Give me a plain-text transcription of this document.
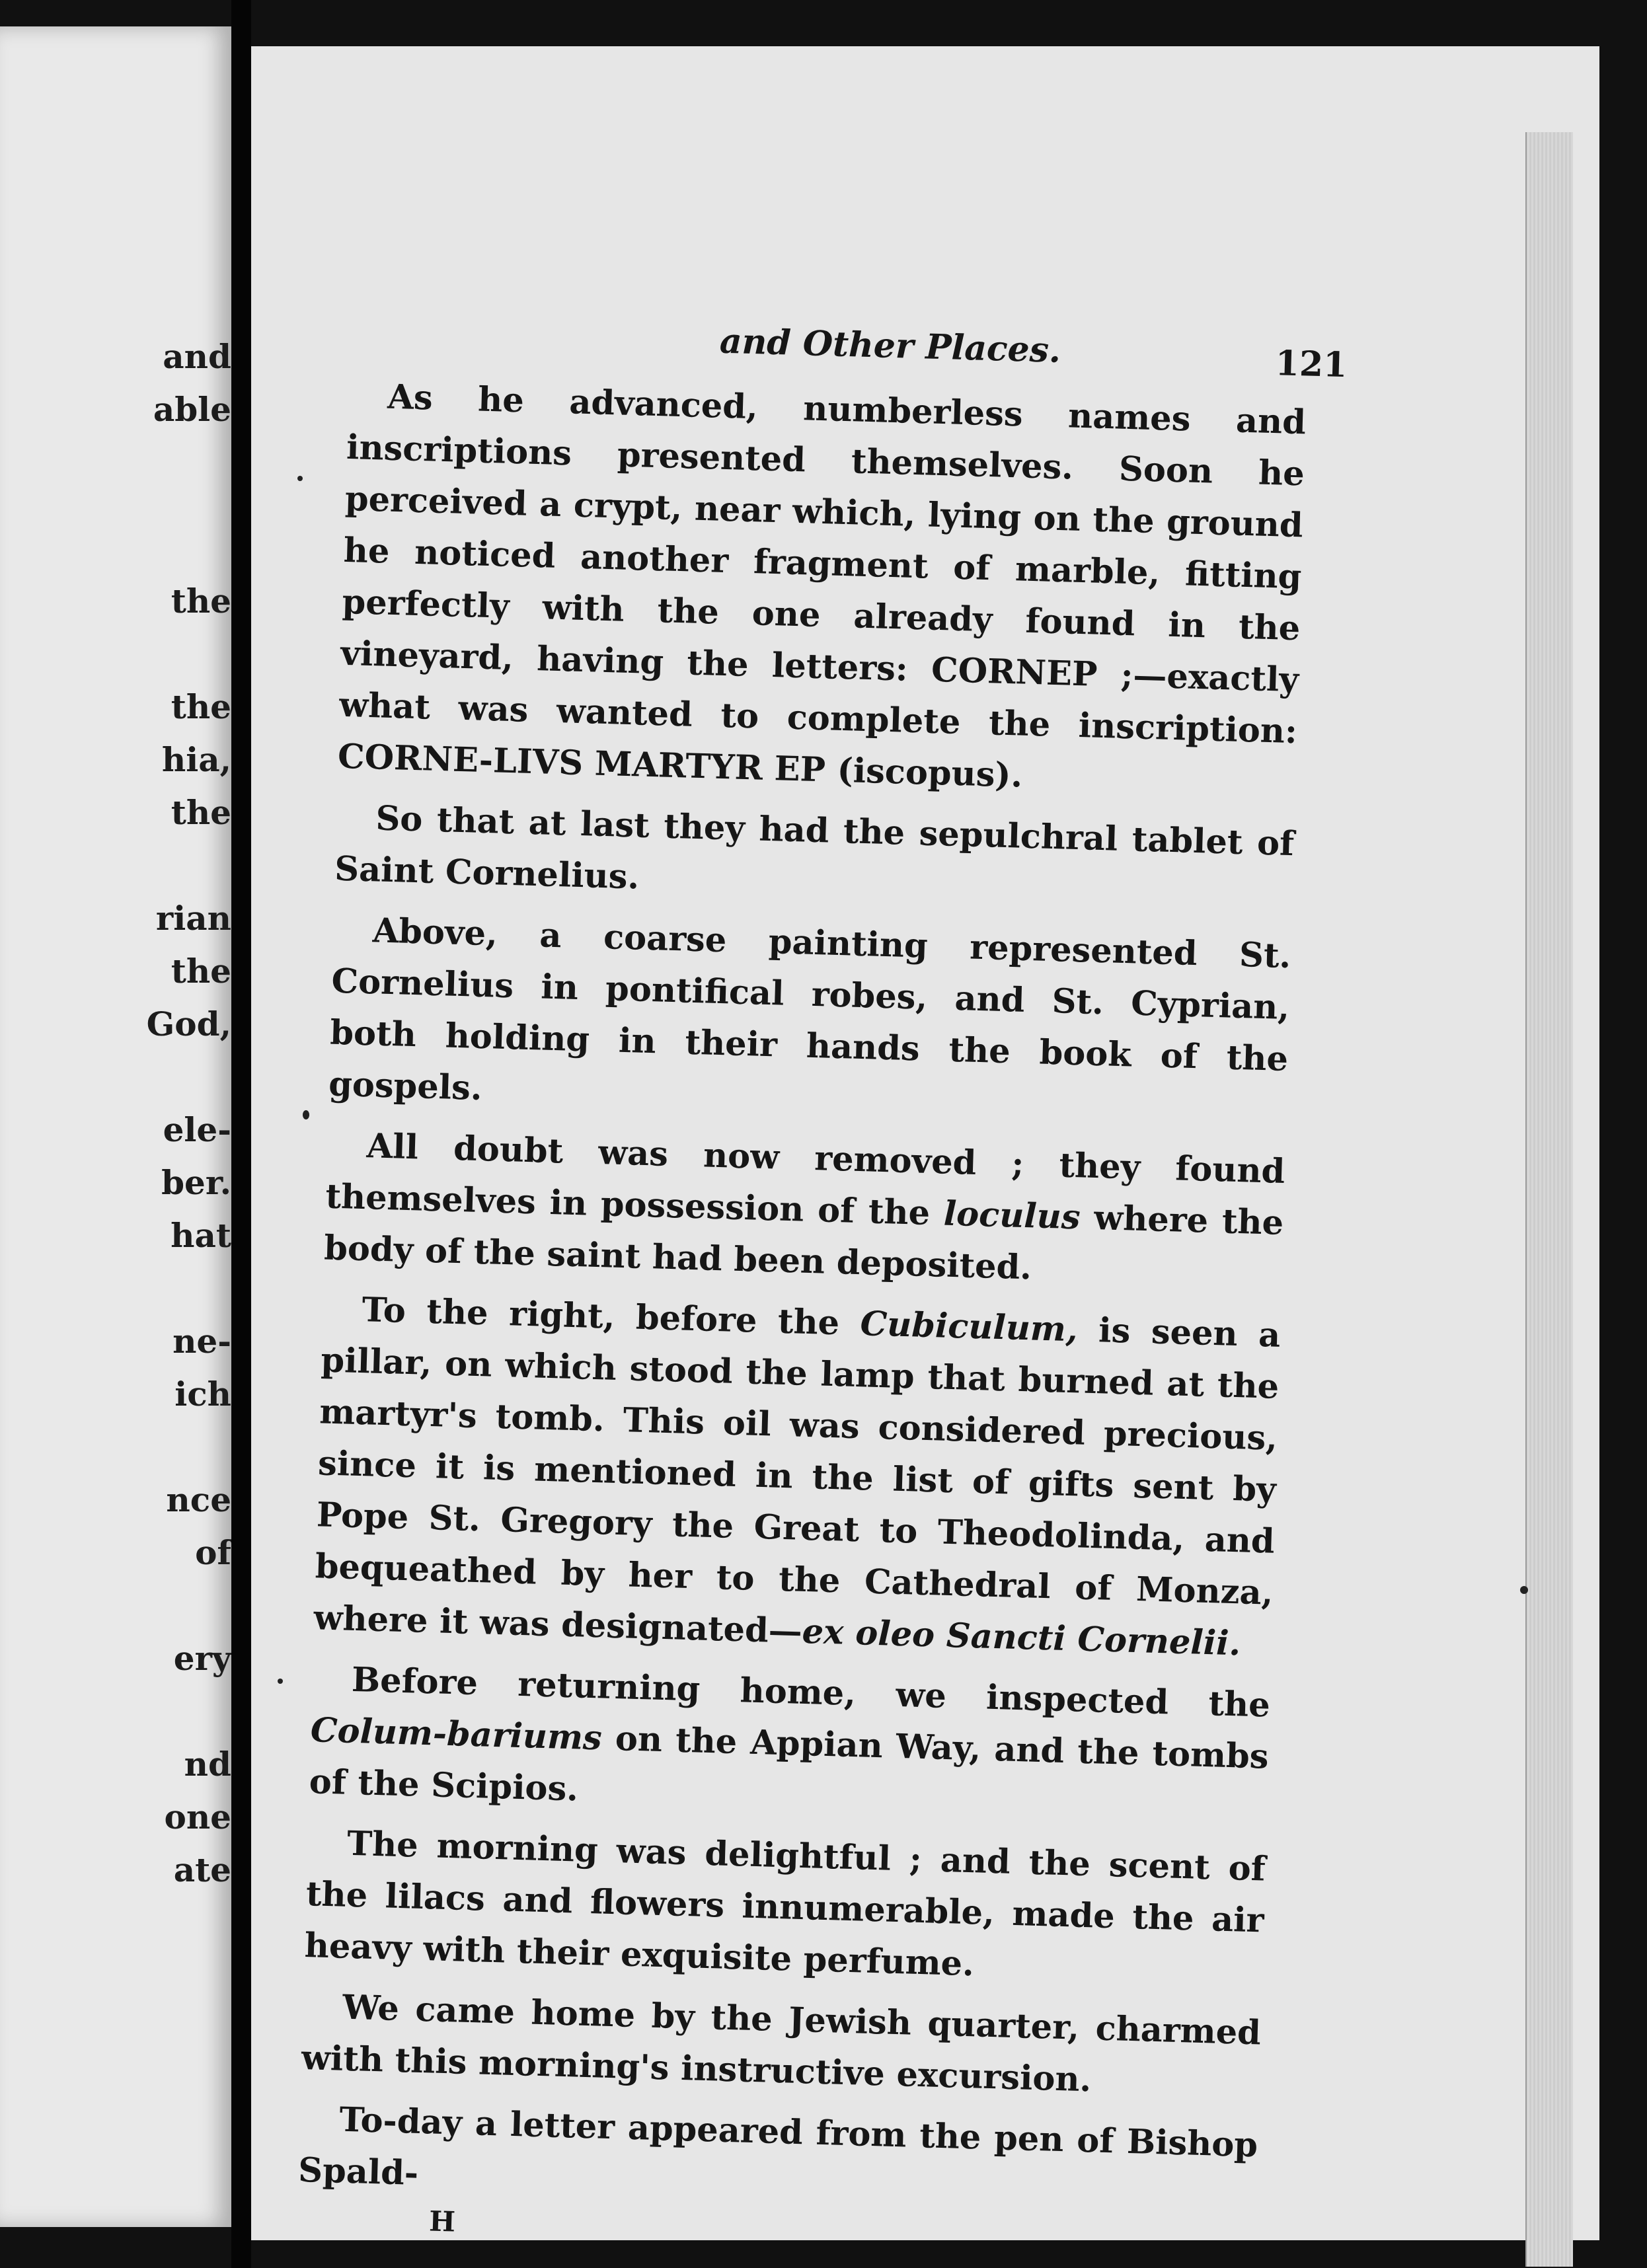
and
able
the
the
hia,
the
rian
the
God,
ele-
ber.
hat
ne-
ich
nce
of
ery
nd
one
ate
and Other Places.	121

As he advanced, numberless names and inscriptions presented themselves. Soon he perceived a crypt, near which, lying on the ground he noticed another fragment of marble, fitting perfectly with the one already found in the vineyard, having the letters: CORNEP ;—exactly what was wanted to complete the inscription: CORNE-LIVS MARTYR EP (iscopus).

So that at last they had the sepulchral tablet of Saint Cornelius.

Above, a coarse painting represented St. Cornelius in pontifical robes, and St. Cyprian, both holding in their hands the book of the gospels.

All doubt was now removed ; they found themselves in possession of the loculus where the body of the saint had been deposited.

To the right, before the Cubiculum, is seen a pillar, on which stood the lamp that burned at the martyr's tomb. This oil was considered precious, since it is mentioned in the list of gifts sent by Pope St. Gregory the Great to Theodolinda, and bequeathed by her to the Cathedral of Monza, where it was designated—ex oleo Sancti Cornelii.

Before returning home, we inspected the Colum-bariums on the Appian Way, and the tombs of the Scipios.

The morning was delightful ; and the scent of the lilacs and flowers innumerable, made the air heavy with their exquisite perfume.

We came home by the Jewish quarter, charmed with this morning's instructive excursion.

To-day a letter appeared from the pen of Bishop Spald-

H
